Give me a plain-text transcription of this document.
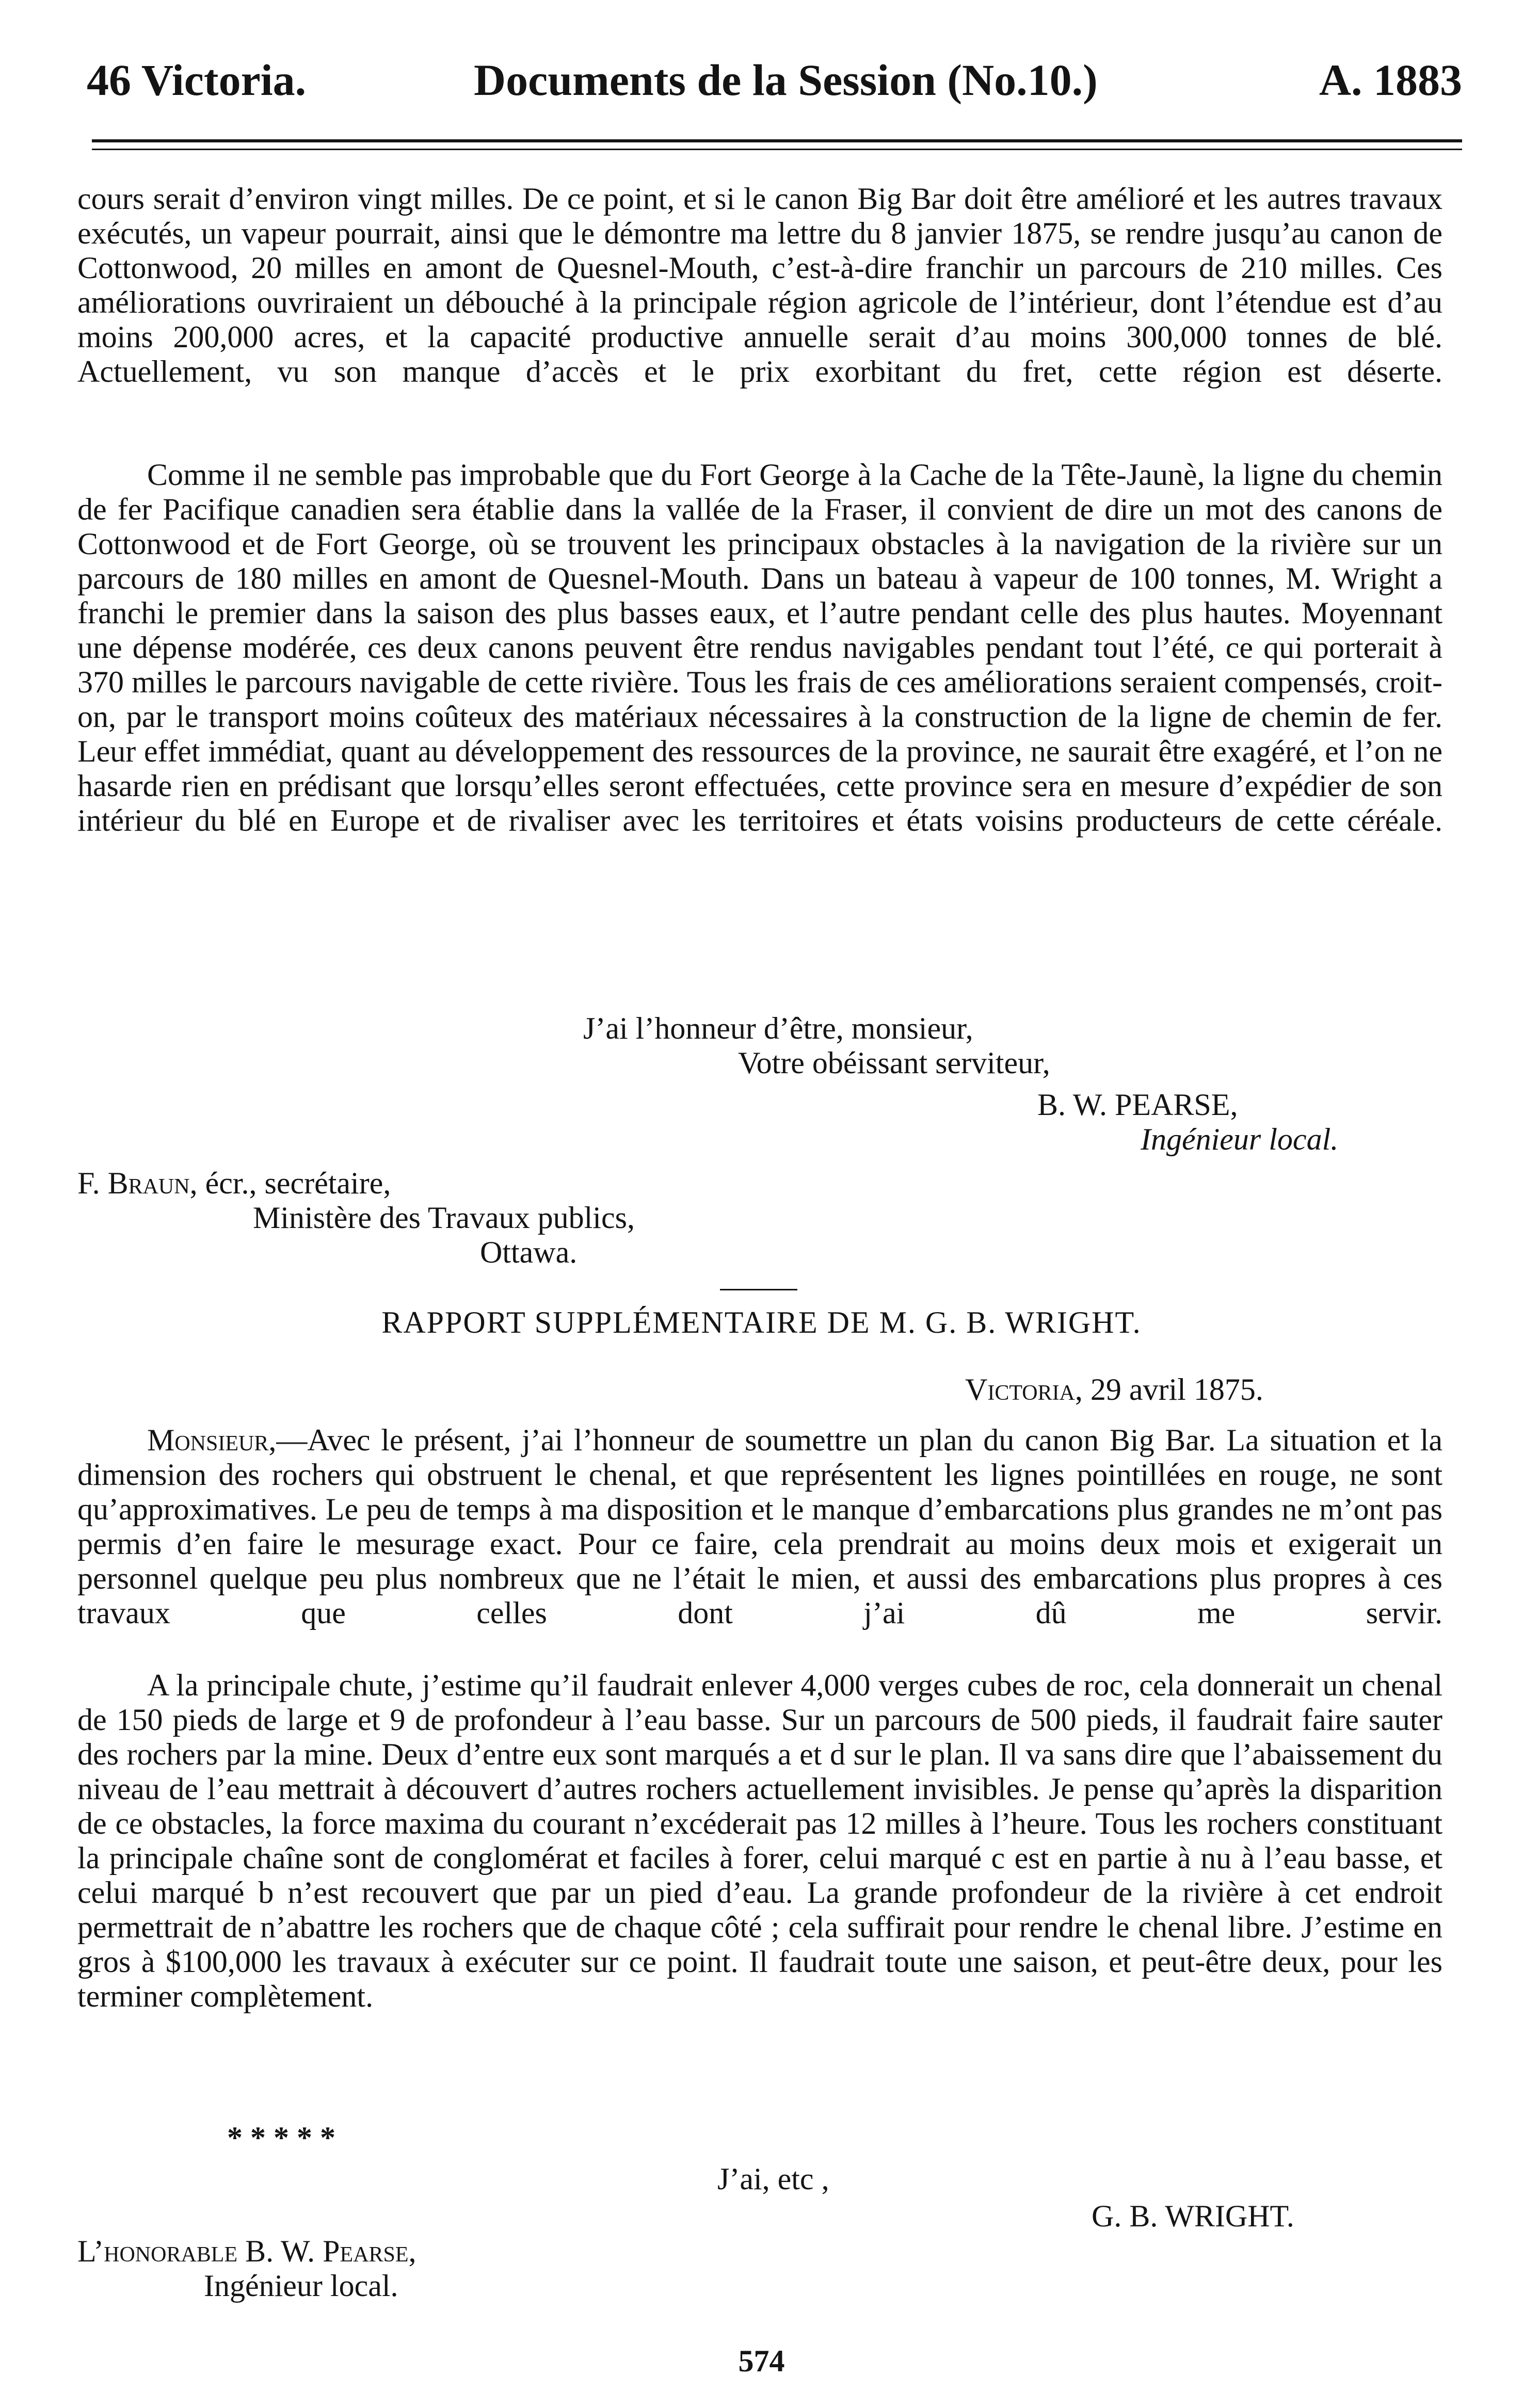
46 Victoria.	Documents de la Session (No.10.)	A. 1883

cours serait d’environ vingt milles. De ce point, et si le canon Big Bar doit être amélioré et les autres travaux exécutés, un vapeur pourrait, ainsi que le démontre ma lettre du 8 janvier 1875, se rendre jusqu’au canon de Cottonwood, 20 milles en amont de Quesnel-Mouth, c’est-à-dire franchir un parcours de 210 milles. Ces améliorations ouvriraient un débouché à la principale région agricole de l’intérieur, dont l’étendue est d’au moins 200,000 acres, et la capacité productive annuelle serait d’au moins 300,000 tonnes de blé. Actuellement, vu son manque d’accès et le prix exorbitant du fret, cette région est déserte.

Comme il ne semble pas improbable que du Fort George à la Cache de la Tête-Jaunè, la ligne du chemin de fer Pacifique canadien sera établie dans la vallée de la Fraser, il convient de dire un mot des canons de Cottonwood et de Fort George, où se trouvent les principaux obstacles à la navigation de la rivière sur un parcours de 180 milles en amont de Quesnel-Mouth. Dans un bateau à vapeur de 100 tonnes, M. Wright a franchi le premier dans la saison des plus basses eaux, et l’autre pendant celle des plus hautes. Moyennant une dépense modérée, ces deux canons peuvent être rendus navigables pendant tout l’été, ce qui porterait à 370 milles le parcours navigable de cette rivière. Tous les frais de ces améliorations seraient compensés, croit-on, par le transport moins coûteux des matériaux nécessaires à la construction de la ligne de chemin de fer. Leur effet immédiat, quant au développement des ressources de la province, ne saurait être exagéré, et l’on ne hasarde rien en prédisant que lorsqu’elles seront effectuées, cette province sera en mesure d’expédier de son intérieur du blé en Europe et de rivaliser avec les territoires et états voisins producteurs de cette céréale.

J’ai l’honneur d’être, monsieur,
Votre obéissant serviteur,
B. W. PEARSE,
Ingénieur local.
F. Braun, écr., secrétaire,
Ministère des Travaux publics,
Ottawa.
RAPPORT SUPPLÉMENTAIRE DE M. G. B. WRIGHT.
Victoria, 29 avril 1875.

Monsieur,—Avec le présent, j’ai l’honneur de soumettre un plan du canon Big Bar. La situation et la dimension des rochers qui obstruent le chenal, et que représentent les lignes pointillées en rouge, ne sont qu’approximatives. Le peu de temps à ma disposition et le manque d’embarcations plus grandes ne m’ont pas permis d’en faire le mesurage exact. Pour ce faire, cela prendrait au moins deux mois et exigerait un personnel quelque peu plus nombreux que ne l’était le mien, et aussi des embarcations plus propres à ces travaux que celles dont j’ai dû me servir.

A la principale chute, j’estime qu’il faudrait enlever 4,000 verges cubes de roc, cela donnerait un chenal de 150 pieds de large et 9 de profondeur à l’eau basse. Sur un parcours de 500 pieds, il faudrait faire sauter des rochers par la mine. Deux d’entre eux sont marqués a et d sur le plan. Il va sans dire que l’abaissement du niveau de l’eau mettrait à découvert d’autres rochers actuellement invisibles. Je pense qu’après la disparition de ce obstacles, la force maxima du courant n’excéderait pas 12 milles à l’heure. Tous les rochers constituant la principale chaîne sont de conglomérat et faciles à forer, celui marqué c est en partie à nu à l’eau basse, et celui marqué b n’est recouvert que par un pied d’eau. La grande profondeur de la rivière à cet endroit permettrait de n’abattre les rochers que de chaque côté ; cela suffirait pour rendre le chenal libre. J’estime en gros à $100,000 les travaux à exécuter sur ce point. Il faudrait toute une saison, et peut-être deux, pour les terminer complètement.

* * * * *
J’ai, etc ,
G. B. WRIGHT.
L’honorable B. W. Pearse,
Ingénieur local.
574
